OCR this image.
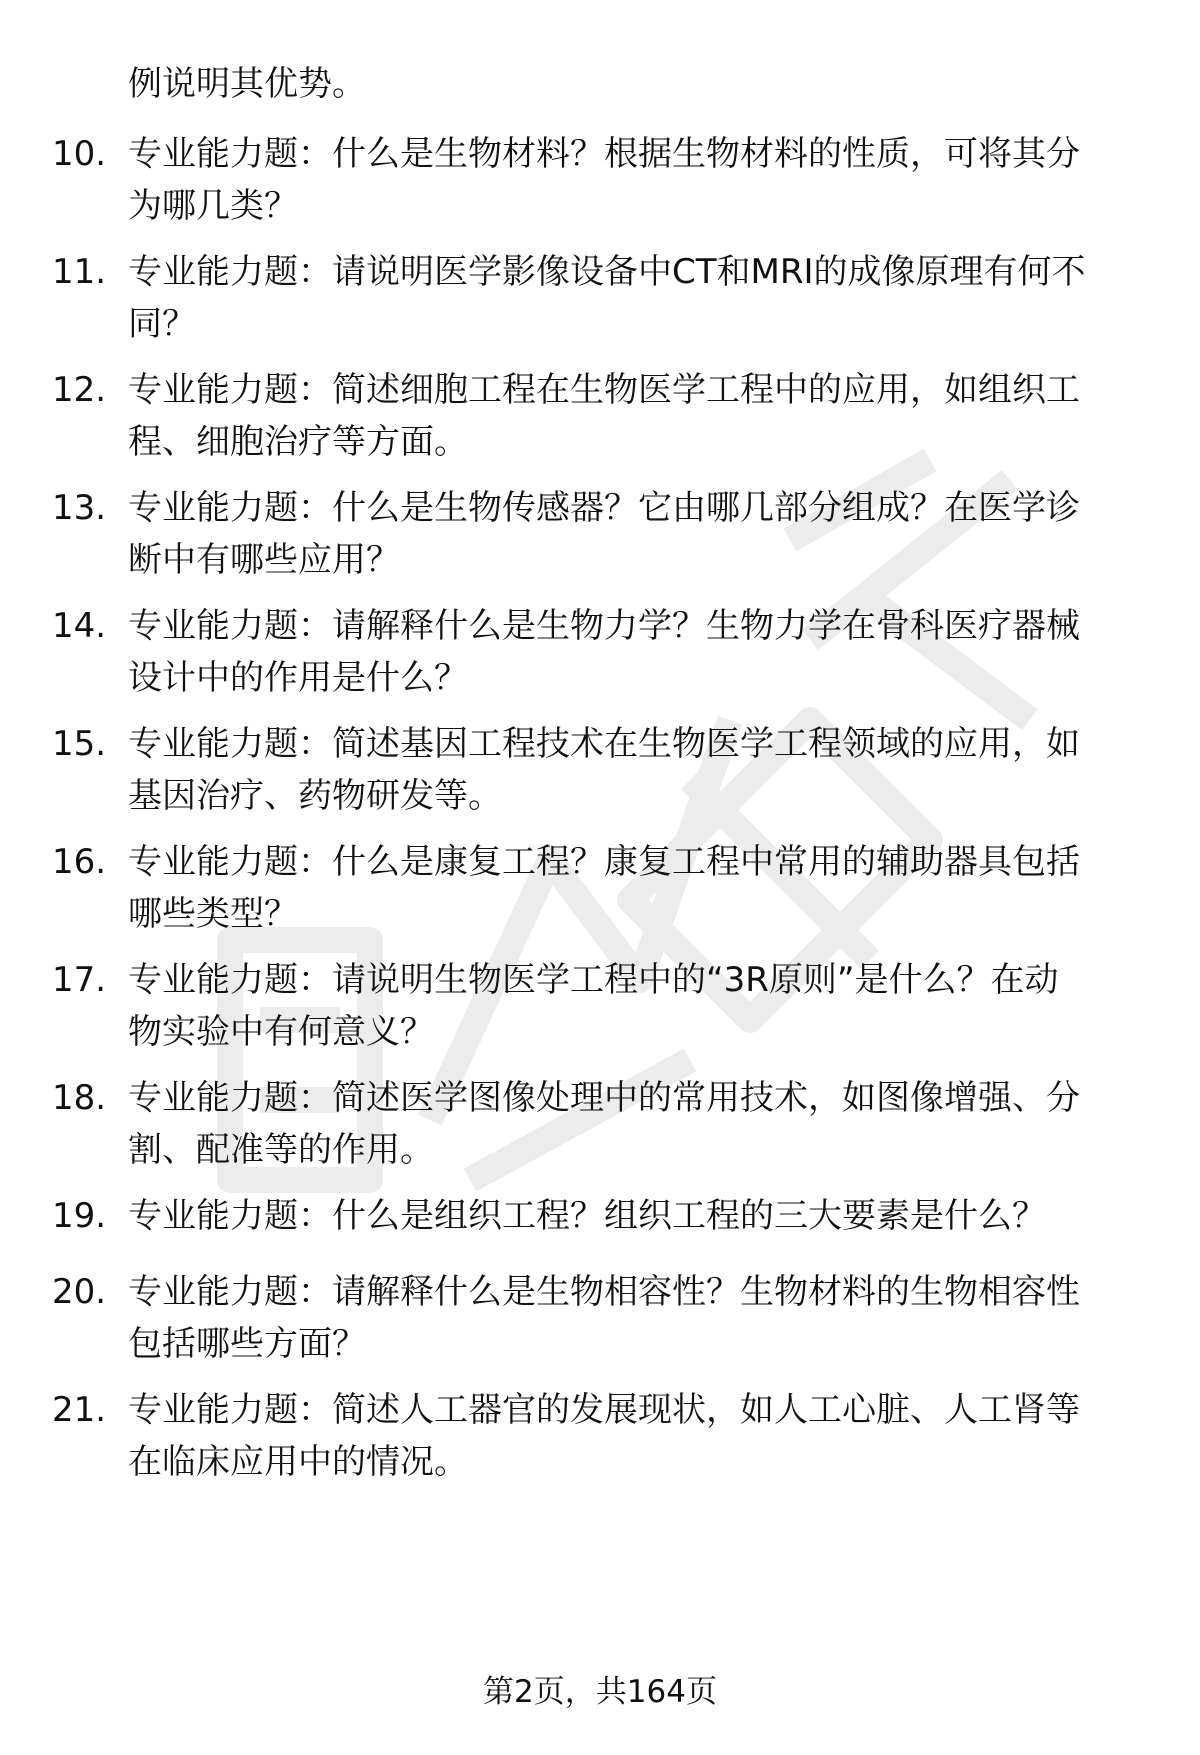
例说明其优势。
10. 专业能力题：什么是生物材料？根据生物材料的性质，可将其分
为哪几类？
11. 专业能力题：请说明医学影像设备中CT和MRI的成像原理有何不
同？
12. 专业能力题：简述细胞工程在生物医学工程中的应用，如组织工
程、细胞治疗等方面。
13. 专业能力题：什么是生物传感器？它由哪几部分组成？在医学诊
断中有哪些应用？
14. 专业能力题：请解释什么是生物力学？生物力学在骨科医疗器械
设计中的作用是什么？
15. 专业能力题：简述基因工程技术在生物医学工程领域的应用，如
基因治疗、药物研发等。
16. 专业能力题：什么是康复工程？康复工程中常用的辅助器具包括
哪些类型？
17. 专业能力题：请说明生物医学工程中的“3R原则”是什么？在动
物实验中有何意义？
18. 专业能力题：简述医学图像处理中的常用技术，如图像增强、分
割、配准等的作用。
19. 专业能力题：什么是组织工程？组织工程的三大要素是什么？
20. 专业能力题：请解释什么是生物相容性？生物材料的生物相容性
包括哪些方面？
21. 专业能力题：简述人工器官的发展现状，如人工心脏、人工肾等
在临床应用中的情况。
第2页，共164页
